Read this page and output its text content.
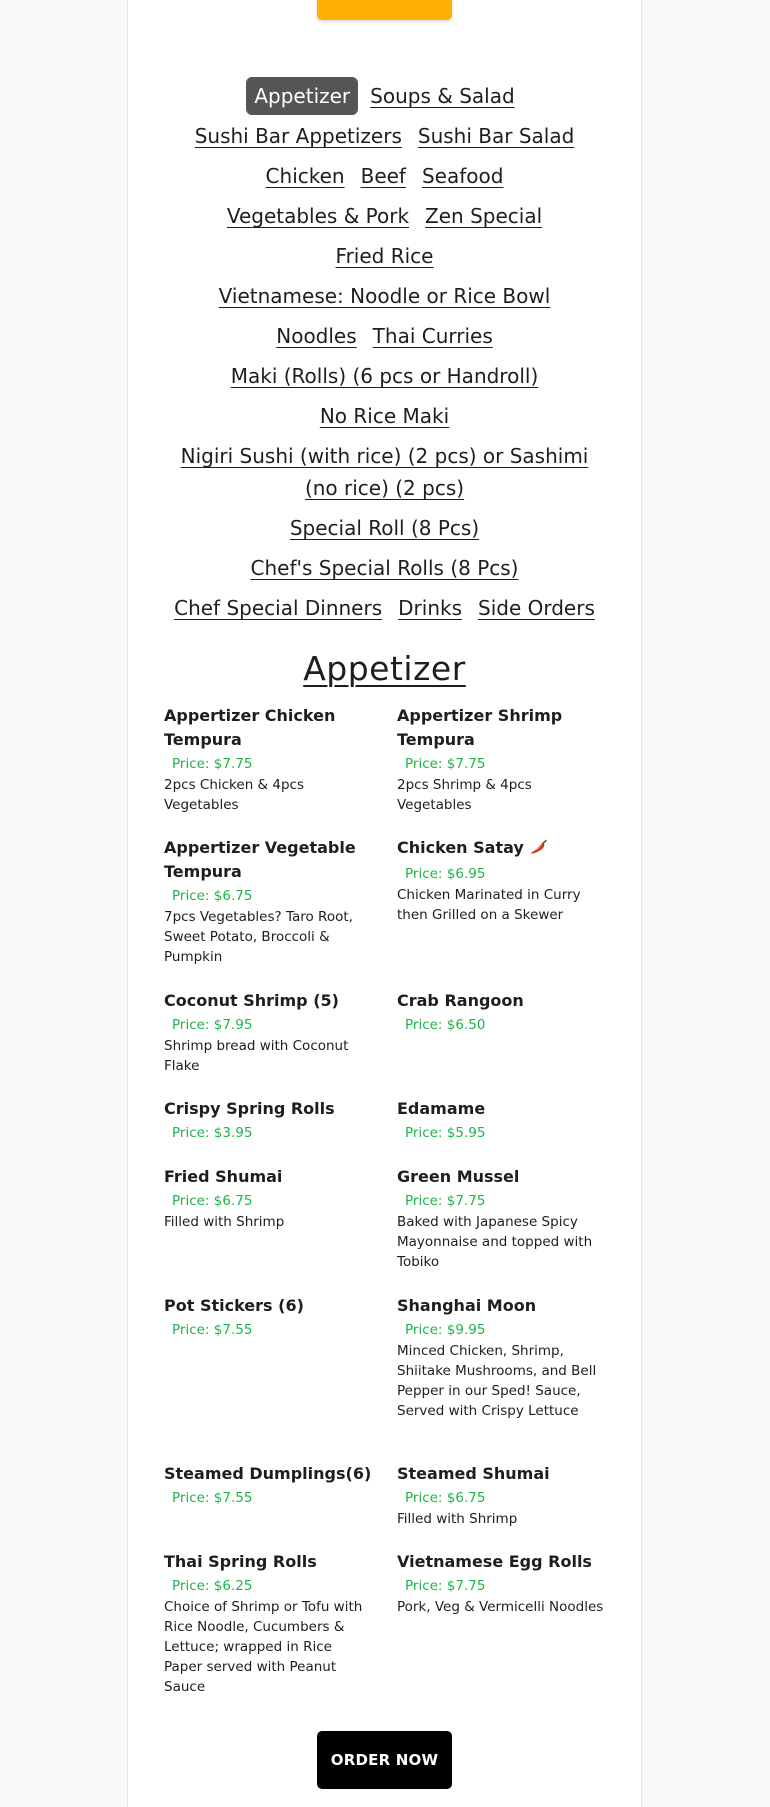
Appetizer	Soups & Salad
Sushi Bar Appetizers Sushi Bar Salad
Chicken Beef Seafood
Vegetables & Pork Zen Special
Fried Rice
Vietnamese: Noodle or Rice Bowl
Noodles Thai Curries
Maki (Rolls) (6 pcs or Handroll)
No Rice Maki
Nigiri Sushi (with rice) (2 pcs) or Sashimi (no rice) (2 pcs)
Special Roll (8 Pcs)
Chef's Special Rolls (8 Pcs)
Chef Special Dinners Drinks Side Orders
Appetizer
Appertizer Chicken Tempura
Price: $7.75
2pcs Chicken & 4pcs Vegetables
Appertizer Shrimp Tempura
Price: $7.75
2pcs Shrimp & 4pcs Vegetables
Appertizer Vegetable Tempura
Price: $6.75
7pcs Vegetables? Taro Root, Sweet Potato, Broccoli & Pumpkin
Chicken Satay
Price: $6.95
Chicken Marinated in Curry then Grilled on a Skewer
Coconut Shrimp (5)
Price: $7.95
Shrimp bread with Coconut Flake
Crab Rangoon
Price: $6.50
Crispy Spring Rolls
Price: $3.95
Edamame
Price: $5.95
Fried Shumai
Price: $6.75
Filled with Shrimp
Green Mussel
Price: $7.75
Baked with Japanese Spicy Mayonnaise and topped with Tobiko
Pot Stickers (6)
Price: $7.55
Shanghai Moon
Price: $9.95
Minced Chicken, Shrimp, Shiitake Mushrooms, and Bell Pepper in our Sped! Sauce, Served with Crispy Lettuce
Steamed Dumplings(6)
Price: $7.55
Steamed Shumai
Price: $6.75
Filled with Shrimp
Thai Spring Rolls
Price: $6.25
Choice of Shrimp or Tofu with Rice Noodle, Cucumbers & Lettuce; wrapped in Rice Paper served with Peanut Sauce
Vietnamese Egg Rolls
Price: $7.75
Pork, Veg & Vermicelli Noodles
ORDER NOW
